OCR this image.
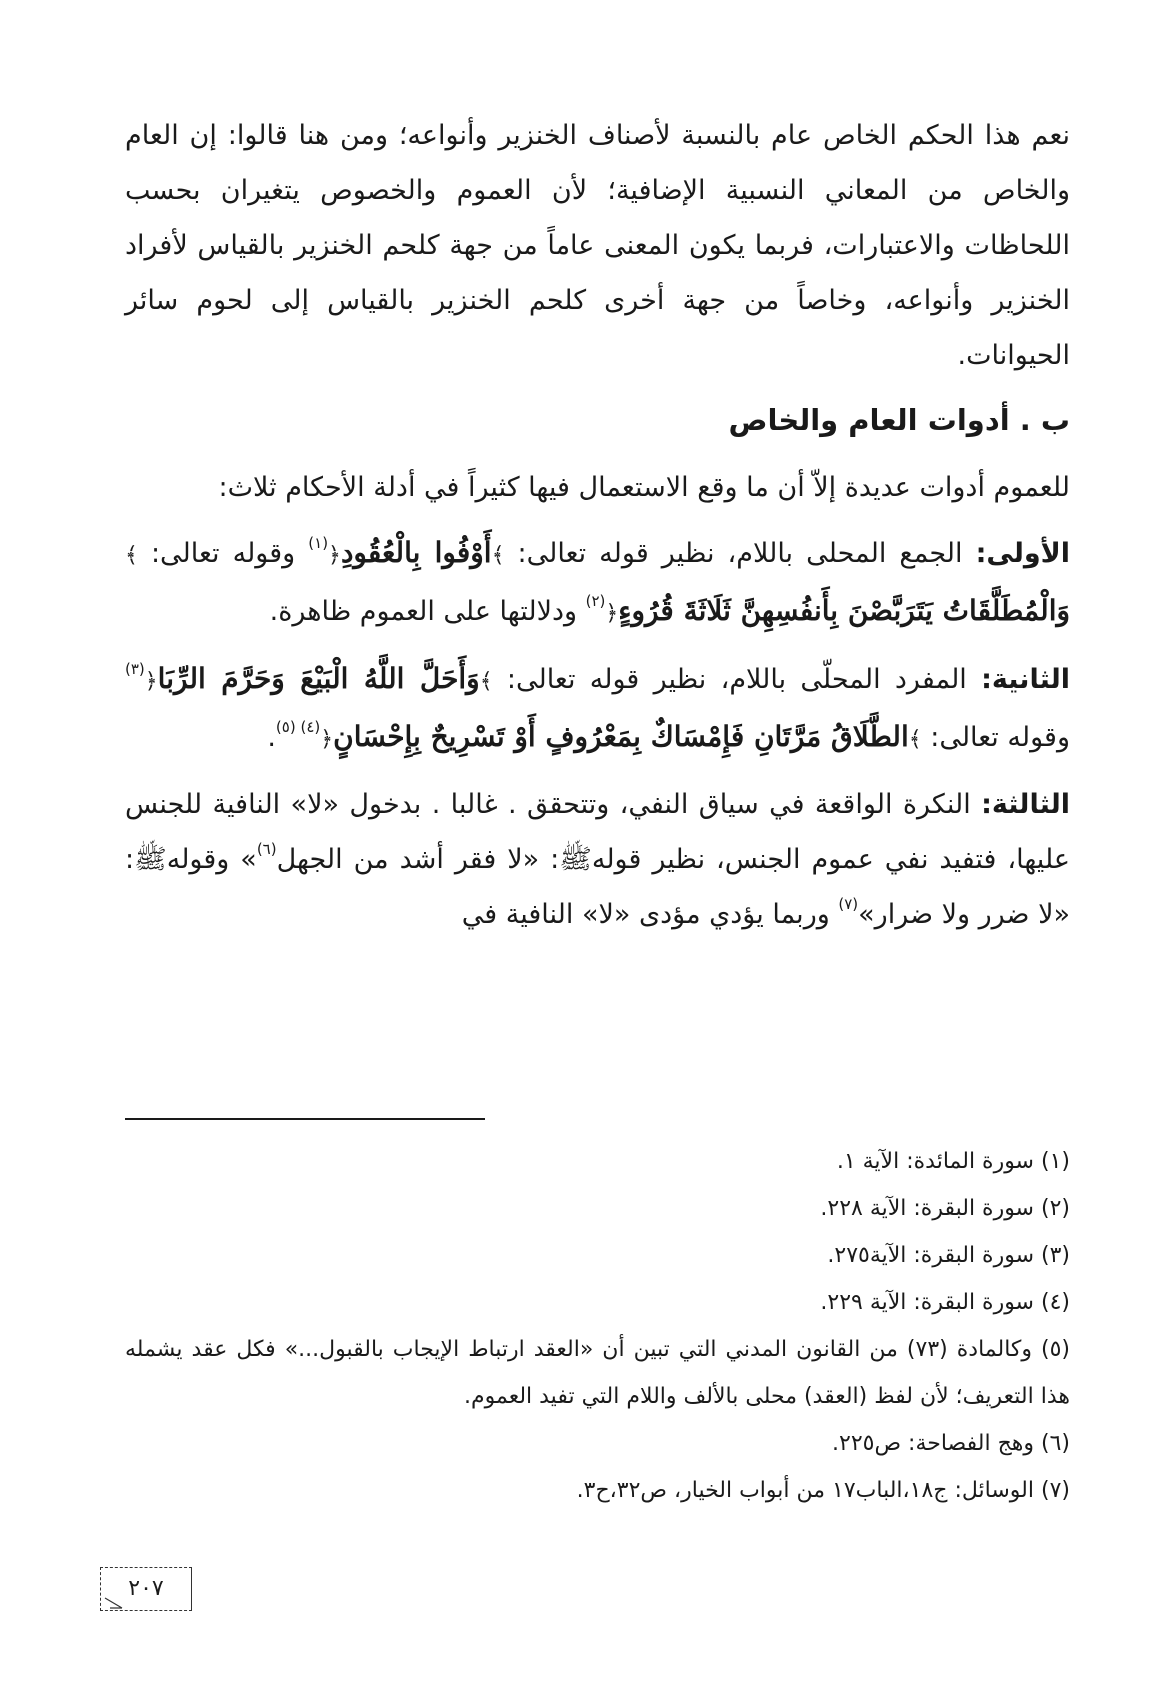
نعم هذا الحكم الخاص عام بالنسبة لأصناف الخنزير وأنواعه؛ ومن هنا قالوا: إن العام والخاص من المعاني النسبية الإضافية؛ لأن العموم والخصوص يتغيران بحسب اللحاظات والاعتبارات، فربما يكون المعنى عاماً من جهة كلحم الخنزير بالقياس لأفراد الخنزير وأنواعه، وخاصاً من جهة أخرى كلحم الخنزير بالقياس إلى لحوم سائر الحيوانات.

ب . أدوات العام والخاص

للعموم أدوات عديدة إلاّ أن ما وقع الاستعمال فيها كثيراً في أدلة الأحكام ثلاث:

الأولى: الجمع المحلى باللام، نظير قوله تعالى: ﴾أَوْفُوا بِالْعُقُودِ﴿$^{(١)}$ وقوله تعالى: ﴾وَالْمُطَلَّقَاتُ يَتَرَبَّصْنَ بِأَنفُسِهِنَّ ثَلَاثَةَ قُرُوءٍ﴿$^{(٢)}$ ودلالتها على العموم ظاهرة.

الثانية: المفرد المحلّى باللام، نظير قوله تعالى: ﴾وَأَحَلَّ اللَّهُ الْبَيْعَ وَحَرَّمَ الرِّبَا﴿$^{(٣)}$ وقوله تعالى: ﴾الطَّلَاقُ مَرَّتَانِ فَإِمْسَاكٌ بِمَعْرُوفٍ أَوْ تَسْرِيحٌ بِإِحْسَانٍ﴿$^{(٤) (٥)}$.

الثالثة: النكرة الواقعة في سياق النفي، وتتحقق . غالبا . بدخول «لا» النافية للجنس عليها، فتفيد نفي عموم الجنس، نظير قولهﷺ: «لا فقر أشد من الجهل$^{(٦)}$» وقولهﷺ: «لا ضرر ولا ضرار»$^{(٧)}$ وربما يؤدي مؤدى «لا» النافية في

(١) سورة المائدة: الآية ١.
(٢) سورة البقرة: الآية ٢٢٨.
(٣) سورة البقرة: الآية٢٧٥.
(٤) سورة البقرة: الآية ٢٢٩.
(٥) وكالمادة (٧٣) من القانون المدني التي تبين أن «العقد ارتباط الإيجاب بالقبول...» فكل عقد يشمله هذا التعريف؛ لأن لفظ (العقد) محلى بالألف واللام التي تفيد العموم.
(٦) وهج الفصاحة: ص٢٢٥.
(٧) الوسائل: ج١٨،الباب١٧ من أبواب الخيار، ص٣٢،ح٣.
٢٠٧
